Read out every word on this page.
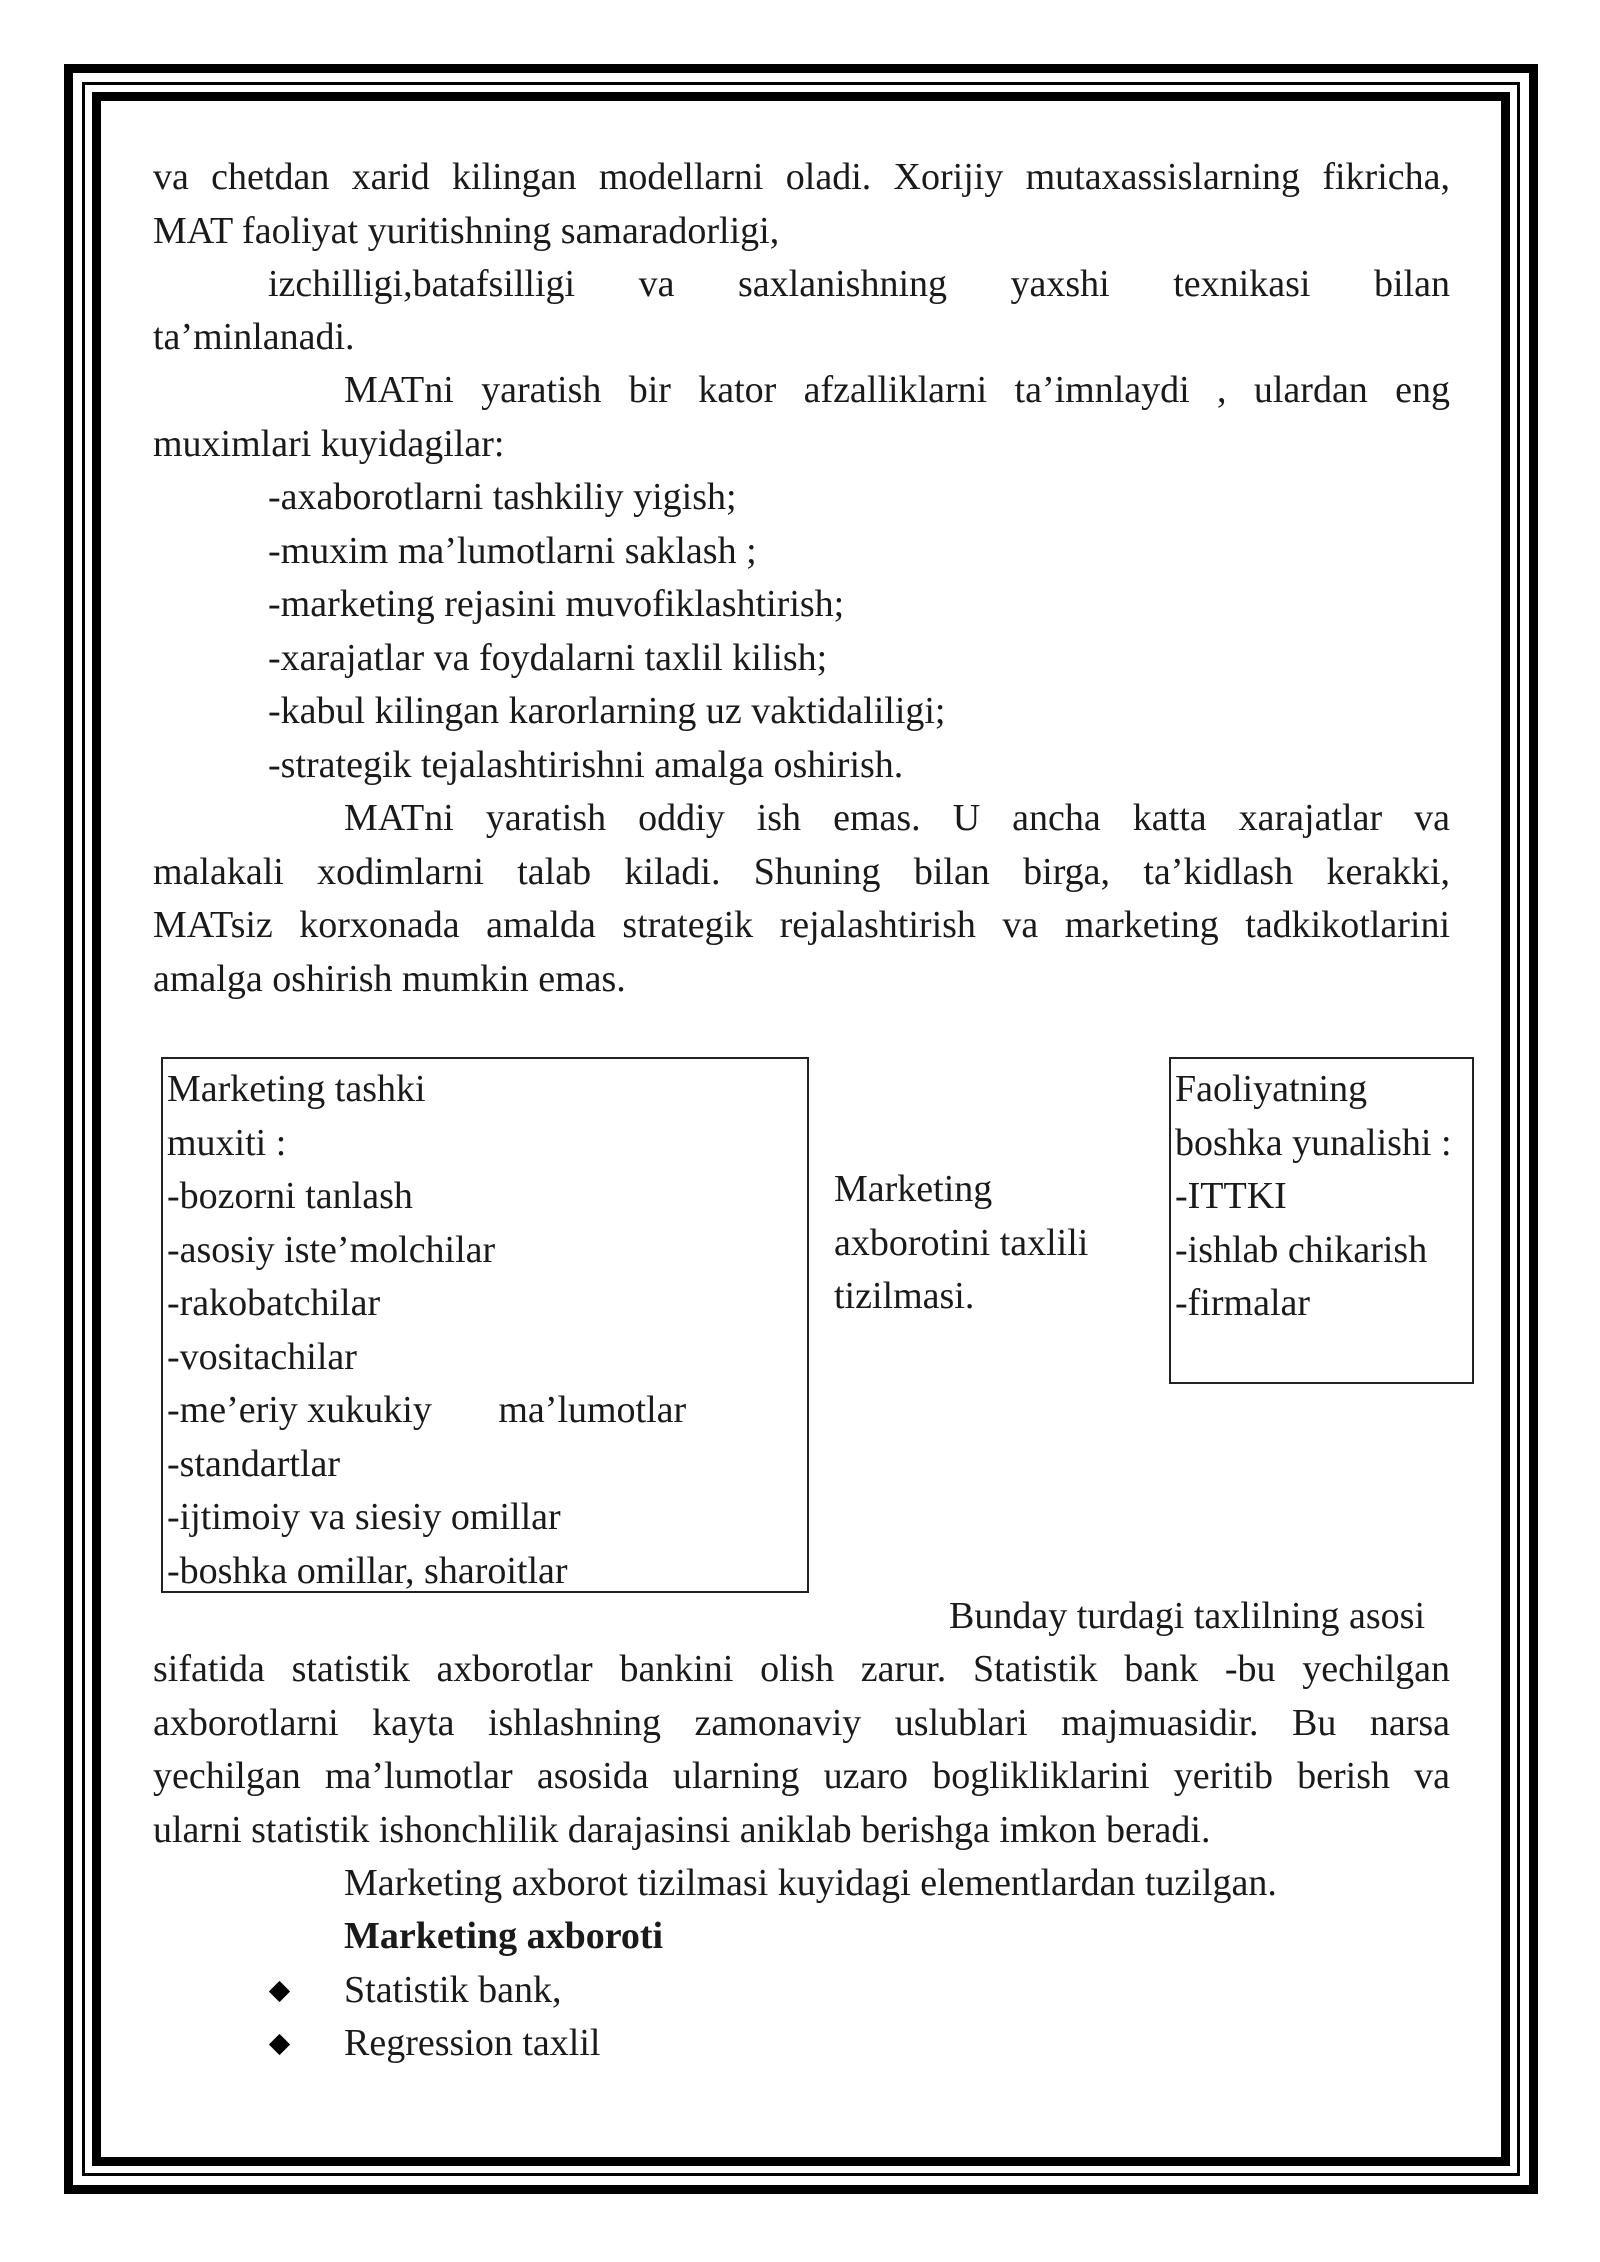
va chetdan xarid kilingan modellarni oladi. Xorijiy mutaxassislarning fikricha,
MAT faoliyat yuritishning samaradorligi,
izchilligi,batafsilligi va saxlanishning yaxshi texnikasi bilan
ta’minlanadi.
MATni yaratish bir kator afzalliklarni ta’imnlaydi , ulardan eng
muximlari kuyidagilar:
-axaborotlarni tashkiliy yigish;
-muxim ma’lumotlarni saklash ;
-marketing rejasini muvofiklashtirish;
-xarajatlar va foydalarni taxlil kilish;
-kabul kilingan karorlarning uz vaktidaliligi;
-strategik tejalashtirishni amalga oshirish.
MATni yaratish oddiy ish emas. U ancha katta xarajatlar va
malakali xodimlarni talab kiladi. Shuning bilan birga, ta’kidlash kerakki,
MATsiz korxonada amalda strategik rejalashtirish va marketing tadkikotlarini
amalga oshirish mumkin emas.
Marketing tashki
muxiti :
-bozorni tanlash
-asosiy iste’molchilar
-rakobatchilar
-vositachilar
-me’eriy xukukiy       ma’lumotlar
-standartlar
-ijtimoiy va siesiy omillar
-boshka omillar, sharoitlar
Marketing
axborotini taxlili
tizilmasi.
Faoliyatning
boshka yunalishi :
-ITTKI
-ishlab chikarish
-firmalar
Bunday turdagi taxlilning asosi
sifatida statistik axborotlar bankini olish zarur. Statistik bank -bu yechilgan
axborotlarni kayta ishlashning zamonaviy uslublari majmuasidir. Bu narsa
yechilgan ma’lumotlar asosida ularning uzaro boglikliklarini yeritib berish va
ularni statistik ishonchlilik darajasinsi aniklab berishga imkon beradi.
Marketing axborot tizilmasi kuyidagi elementlardan tuzilgan.
Marketing axboroti
Statistik bank,
Regression taxlil
